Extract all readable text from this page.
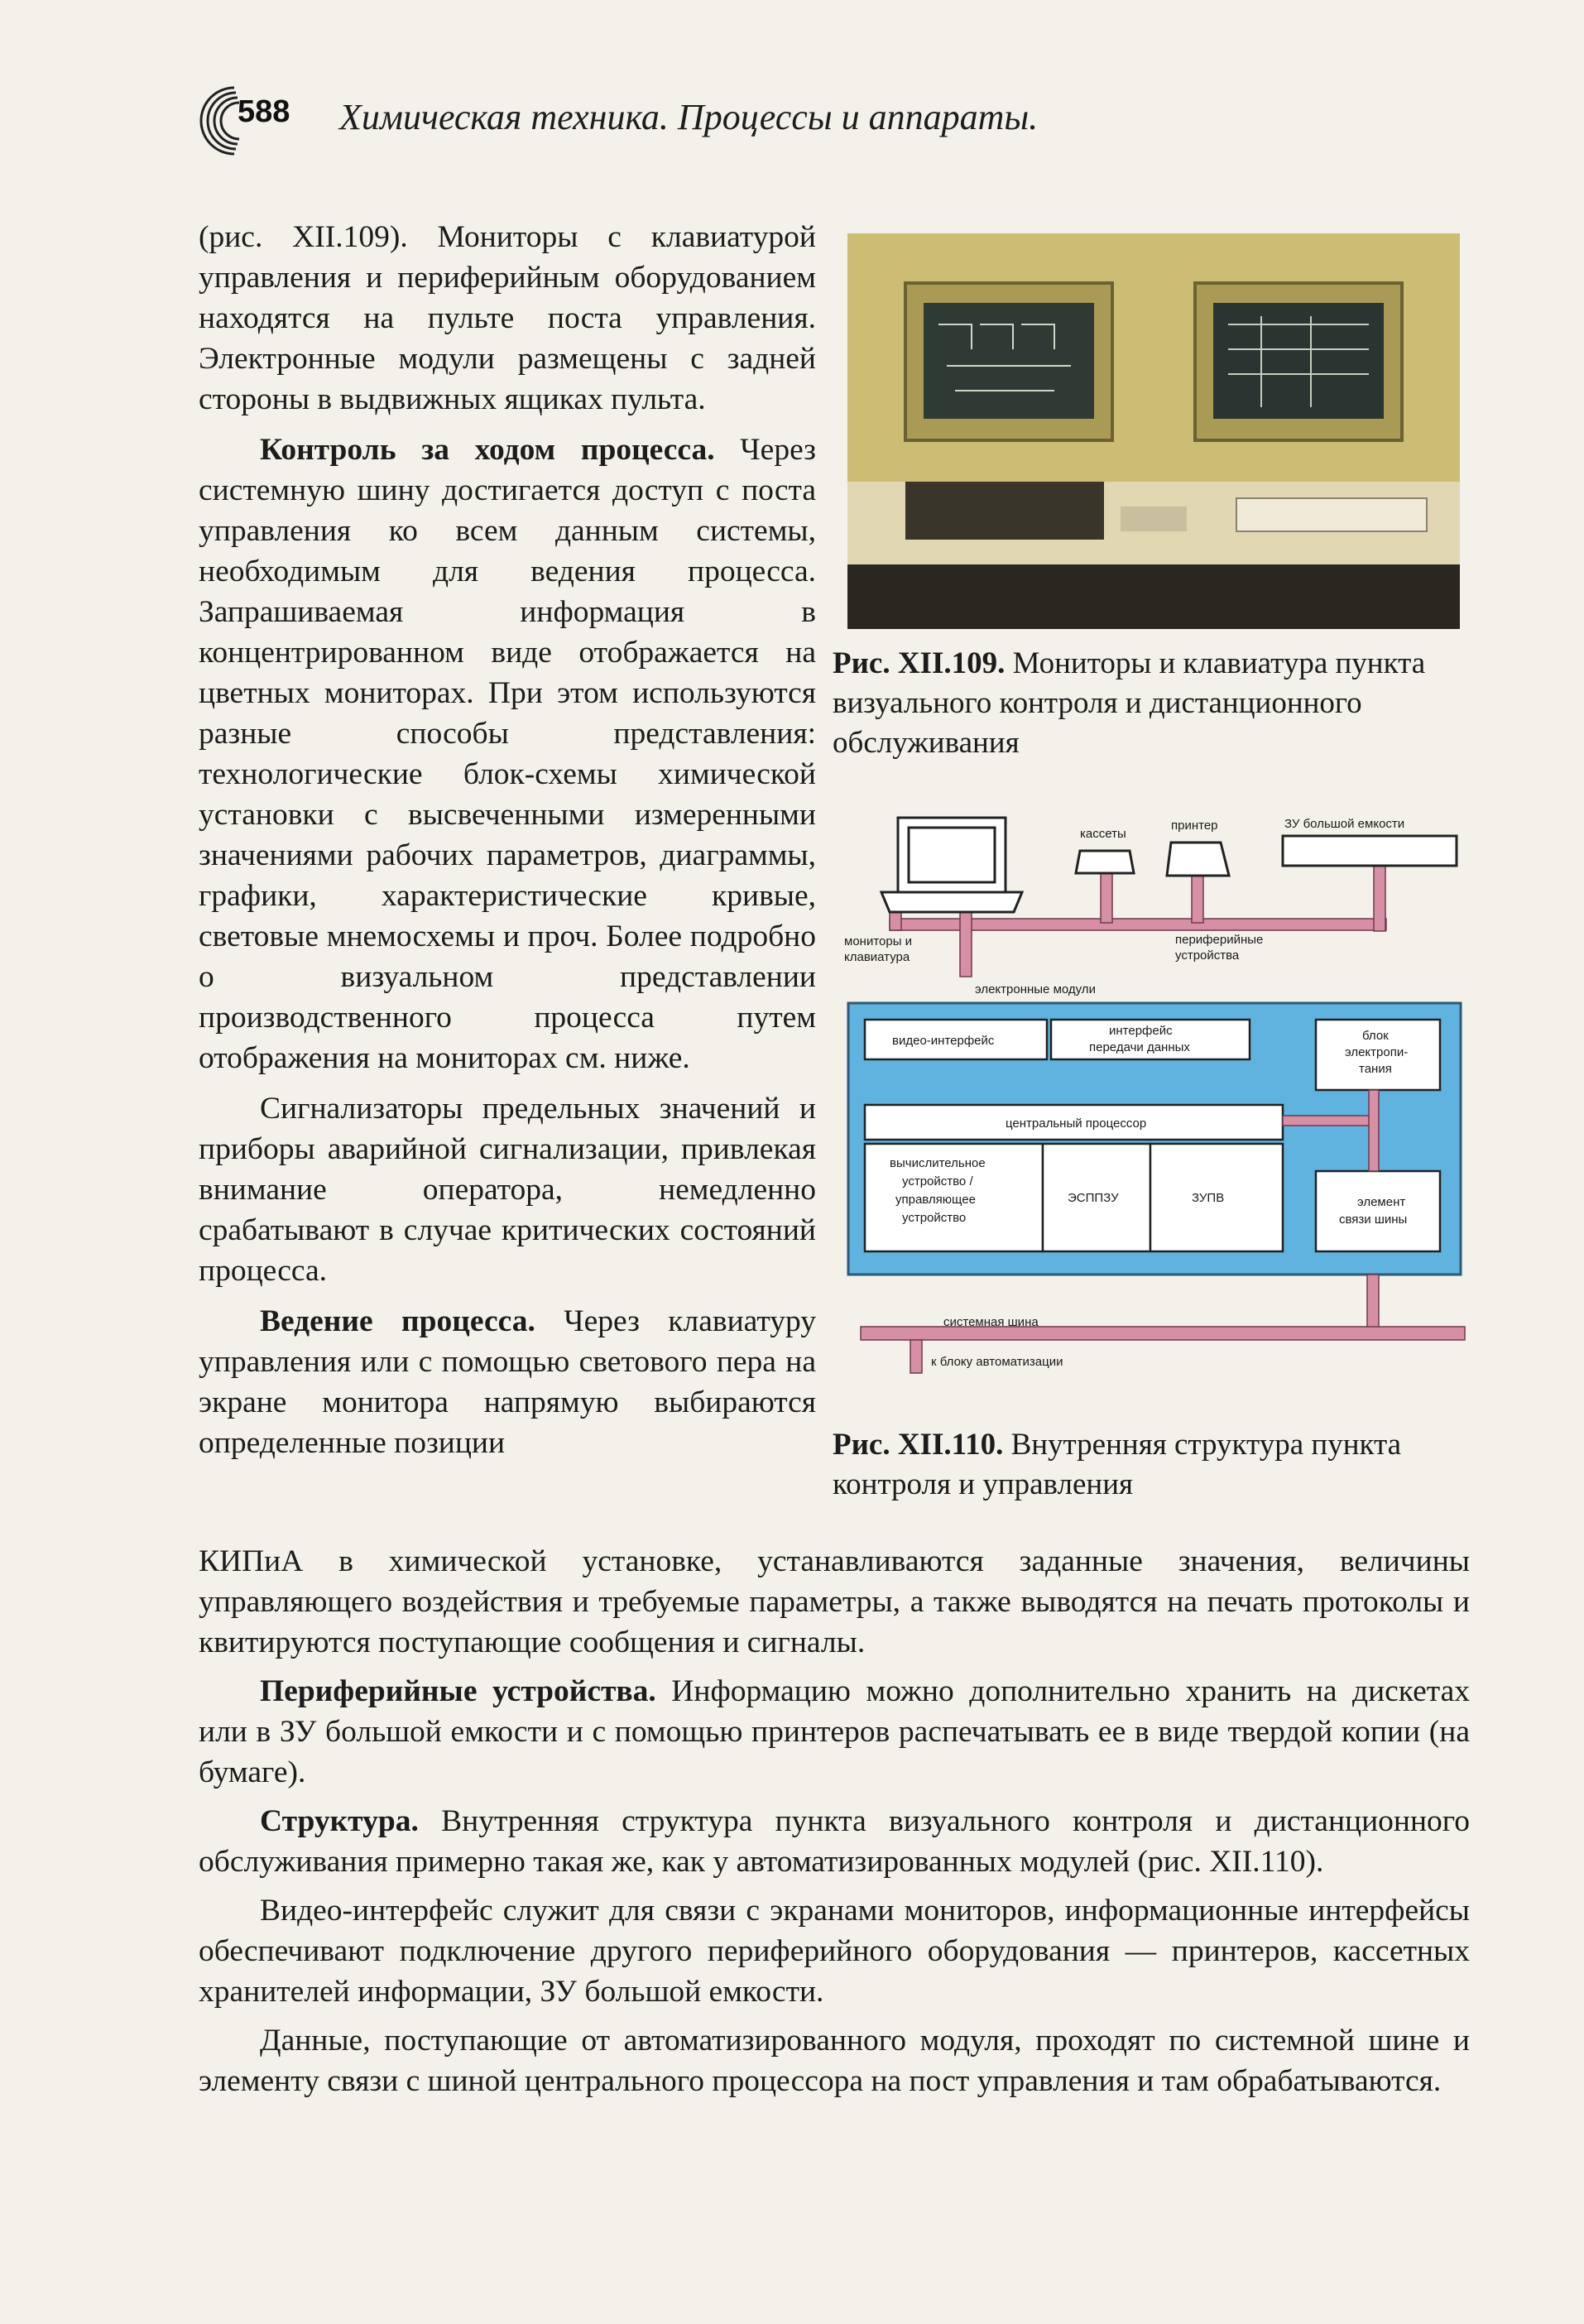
588 Химическая техника. Процессы и аппараты.

(рис. XII.109). Мониторы с клавиатурой управления и периферийным оборудованием находятся на пульте поста управления. Электронные модули размещены с задней стороны в выдвижных ящиках пульта.

Контроль за ходом процесса. Через системную шину достигается доступ с поста управления ко всем данным системы, необходимым для ведения процесса. Запрашиваемая информация в концентрированном виде отображается на цветных мониторах. При этом используются разные способы представления: технологические блок-схемы химической установки с высвеченными измеренными значениями рабочих параметров, диаграммы, графики, характеристические кривые, световые мнемосхемы и проч. Более подробно о визуальном представлении производственного процесса путем отображения на мониторах см. ниже.

Сигнализаторы предельных значений и приборы аварийной сигнализации, привлекая внимание оператора, немедленно срабатывают в случае критических состояний процесса.

Ведение процесса. Через клавиатуру управления или с помощью светового пера на экране монитора напрямую выбираются определенные позиции

Рис. XII.109. Мониторы и клавиатура пункта визуального контроля и дистанционного обслуживания
кассеты
принтер	ЗУ большой емкости
мониторы и
клавиатура
периферийные
устройства
электронные модули
видео-интерфейс
интерфейс
передачи данных
блок
электропи-
тания
центральный процессор
вычислительное
устройство /
управляющее
устройство
ЭСППЗУ	ЗУПВ	элемент
связи шины
системная шина
к блоку автоматизации
Рис. XII.110. Внутренняя структура пункта контроля и управления

КИПиА в химической установке, устанавливаются заданные значения, величины управляющего воздействия и требуемые параметры, а также выводятся на печать протоколы и квитируются поступающие сообщения и сигналы.

Периферийные устройства. Информацию можно дополнительно хранить на дискетах или в ЗУ большой емкости и с помощью принтеров распечатывать ее в виде твердой копии (на бумаге).

Структура. Внутренняя структура пункта визуального контроля и дистанционного обслуживания примерно такая же, как у автоматизированных модулей (рис. XII.110).

Видео-интерфейс служит для связи с экранами мониторов, информационные интерфейсы обеспечивают подключение другого периферийного оборудования — принтеров, кассетных хранителей информации, ЗУ большой емкости.

Данные, поступающие от автоматизированного модуля, проходят по системной шине и элементу связи с шиной центрального процессора на пост управления и там обрабатываются.
